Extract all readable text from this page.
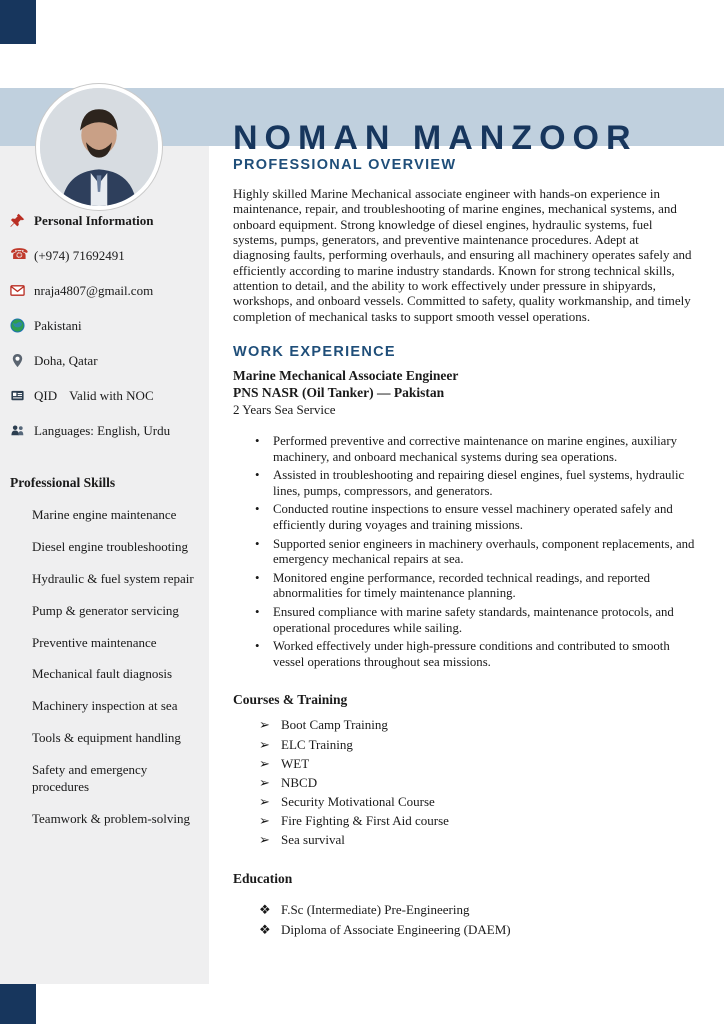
NOMAN MANZOOR
Personal Information
☎ (+974) 71692491
nraja4807@gmail.com
Pakistani
Doha, Qatar
QID Valid with NOC
Languages: English, Urdu
Professional Skills
Marine engine maintenance
Diesel engine troubleshooting
Hydraulic & fuel system repair
Pump & generator servicing
Preventive maintenance
Mechanical fault diagnosis
Machinery inspection at sea
Tools & equipment handling
Safety and emergency procedures
Teamwork & problem-solving
PROFESSIONAL OVERVIEW

Highly skilled Marine Mechanical associate engineer with hands-on experience in maintenance, repair, and troubleshooting of marine engines, mechanical systems, and onboard equipment. Strong knowledge of diesel engines, hydraulic systems, fuel systems, pumps, generators, and preventive maintenance procedures. Adept at diagnosing faults, performing overhauls, and ensuring all machinery operates safely and efficiently according to marine industry standards. Known for strong technical skills, attention to detail, and the ability to work effectively under pressure in shipyards, workshops, and onboard vessels. Committed to safety, quality workmanship, and timely completion of mechanical tasks to support smooth vessel operations.

WORK EXPERIENCE
Marine Mechanical Associate Engineer
PNS NASR (Oil Tanker) — Pakistan
2 Years Sea Service
•	Performed preventive and corrective maintenance on marine engines, auxiliary machinery, and onboard mechanical systems during sea operations.
•	Assisted in troubleshooting and repairing diesel engines, fuel systems, hydraulic lines, pumps, compressors, and generators.
•	Conducted routine inspections to ensure vessel machinery operated safely and efficiently during voyages and training missions.
•	Supported senior engineers in machinery overhauls, component replacements, and emergency mechanical repairs at sea.
•	Monitored engine performance, recorded technical readings, and reported abnormalities for timely maintenance planning.
•	Ensured compliance with marine safety standards, maintenance protocols, and operational procedures while sailing.
•	Worked effectively under high-pressure conditions and contributed to smooth vessel operations throughout sea missions.
Courses & Training
➢ Boot Camp Training
➢ ELC Training
➢ WET
➢ NBCD
➢ Security Motivational Course
➢ Fire Fighting & First Aid course
➢ Sea survival
Education
❖ F.Sc (Intermediate) Pre-Engineering
❖ Diploma of Associate Engineering (DAEM)
